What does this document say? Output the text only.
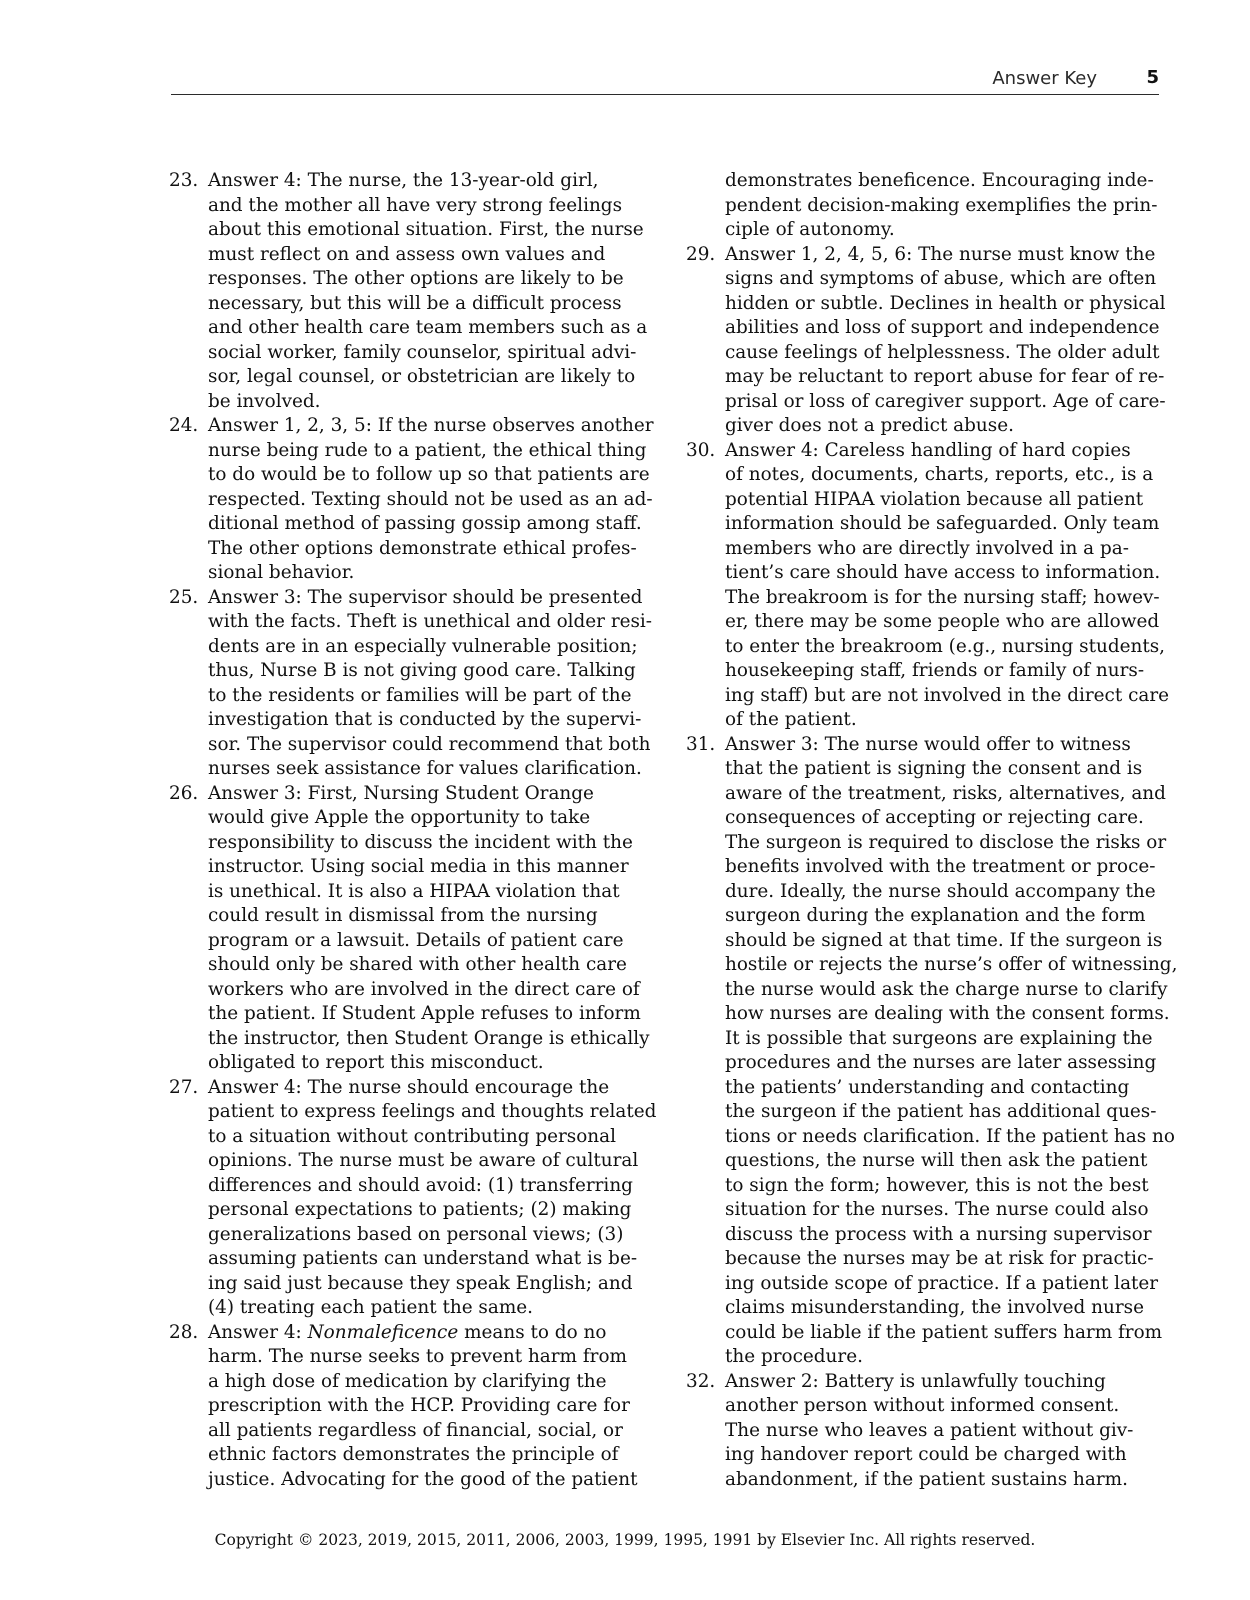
Answer Key	5
23. Answer 4: The nurse, the 13-year-old girl,
and the mother all have very strong feelings
about this emotional situation. First, the nurse
must reflect on and assess own values and
responses. The other options are likely to be
necessary, but this will be a difficult process
and other health care team members such as a
social worker, family counselor, spiritual advi-
sor, legal counsel, or obstetrician are likely to
be involved.
24. Answer 1, 2, 3, 5: If the nurse observes another
nurse being rude to a patient, the ethical thing
to do would be to follow up so that patients are
respected. Texting should not be used as an ad-
ditional method of passing gossip among staff.
The other options demonstrate ethical profes-
sional behavior.
25. Answer 3: The supervisor should be presented
with the facts. Theft is unethical and older resi-
dents are in an especially vulnerable position;
thus, Nurse B is not giving good care. Talking
to the residents or families will be part of the
investigation that is conducted by the supervi-
sor. The supervisor could recommend that both
nurses seek assistance for values clarification.
26. Answer 3: First, Nursing Student Orange
would give Apple the opportunity to take
responsibility to discuss the incident with the
instructor. Using social media in this manner
is unethical. It is also a HIPAA violation that
could result in dismissal from the nursing
program or a lawsuit. Details of patient care
should only be shared with other health care
workers who are involved in the direct care of
the patient. If Student Apple refuses to inform
the instructor, then Student Orange is ethically
obligated to report this misconduct.
27. Answer 4: The nurse should encourage the
patient to express feelings and thoughts related
to a situation without contributing personal
opinions. The nurse must be aware of cultural
differences and should avoid: (1) transferring
personal expectations to patients; (2) making
generalizations based on personal views; (3)
assuming patients can understand what is be-
ing said just because they speak English; and
(4) treating each patient the same.
28. Answer 4: Nonmaleficence means to do no
harm. The nurse seeks to prevent harm from
a high dose of medication by clarifying the
prescription with the HCP. Providing care for
all patients regardless of financial, social, or
ethnic factors demonstrates the principle of
justice. Advocating for the good of the patient
demonstrates beneficence. Encouraging inde-
pendent decision-making exemplifies the prin-
ciple of autonomy.
29. Answer 1, 2, 4, 5, 6: The nurse must know the
signs and symptoms of abuse, which are often
hidden or subtle. Declines in health or physical
abilities and loss of support and independence
cause feelings of helplessness. The older adult
may be reluctant to report abuse for fear of re-
prisal or loss of caregiver support. Age of care-
giver does not a predict abuse.
30. Answer 4: Careless handling of hard copies
of notes, documents, charts, reports, etc., is a
potential HIPAA violation because all patient
information should be safeguarded. Only team
members who are directly involved in a pa-
tient’s care should have access to information.
The breakroom is for the nursing staff; howev-
er, there may be some people who are allowed
to enter the breakroom (e.g., nursing students,
housekeeping staff, friends or family of nurs-
ing staff) but are not involved in the direct care
of the patient.
31. Answer 3: The nurse would offer to witness
that the patient is signing the consent and is
aware of the treatment, risks, alternatives, and
consequences of accepting or rejecting care.
The surgeon is required to disclose the risks or
benefits involved with the treatment or proce-
dure. Ideally, the nurse should accompany the
surgeon during the explanation and the form
should be signed at that time. If the surgeon is
hostile or rejects the nurse’s offer of witnessing,
the nurse would ask the charge nurse to clarify
how nurses are dealing with the consent forms.
It is possible that surgeons are explaining the
procedures and the nurses are later assessing
the patients’ understanding and contacting
the surgeon if the patient has additional ques-
tions or needs clarification. If the patient has no
questions, the nurse will then ask the patient
to sign the form; however, this is not the best
situation for the nurses. The nurse could also
discuss the process with a nursing supervisor
because the nurses may be at risk for practic-
ing outside scope of practice. If a patient later
claims misunderstanding, the involved nurse
could be liable if the patient suffers harm from
the procedure.
32. Answer 2: Battery is unlawfully touching
another person without informed consent.
The nurse who leaves a patient without giv-
ing handover report could be charged with
abandonment, if the patient sustains harm.
Copyright © 2023, 2019, 2015, 2011, 2006, 2003, 1999, 1995, 1991 by Elsevier Inc. All rights reserved.
